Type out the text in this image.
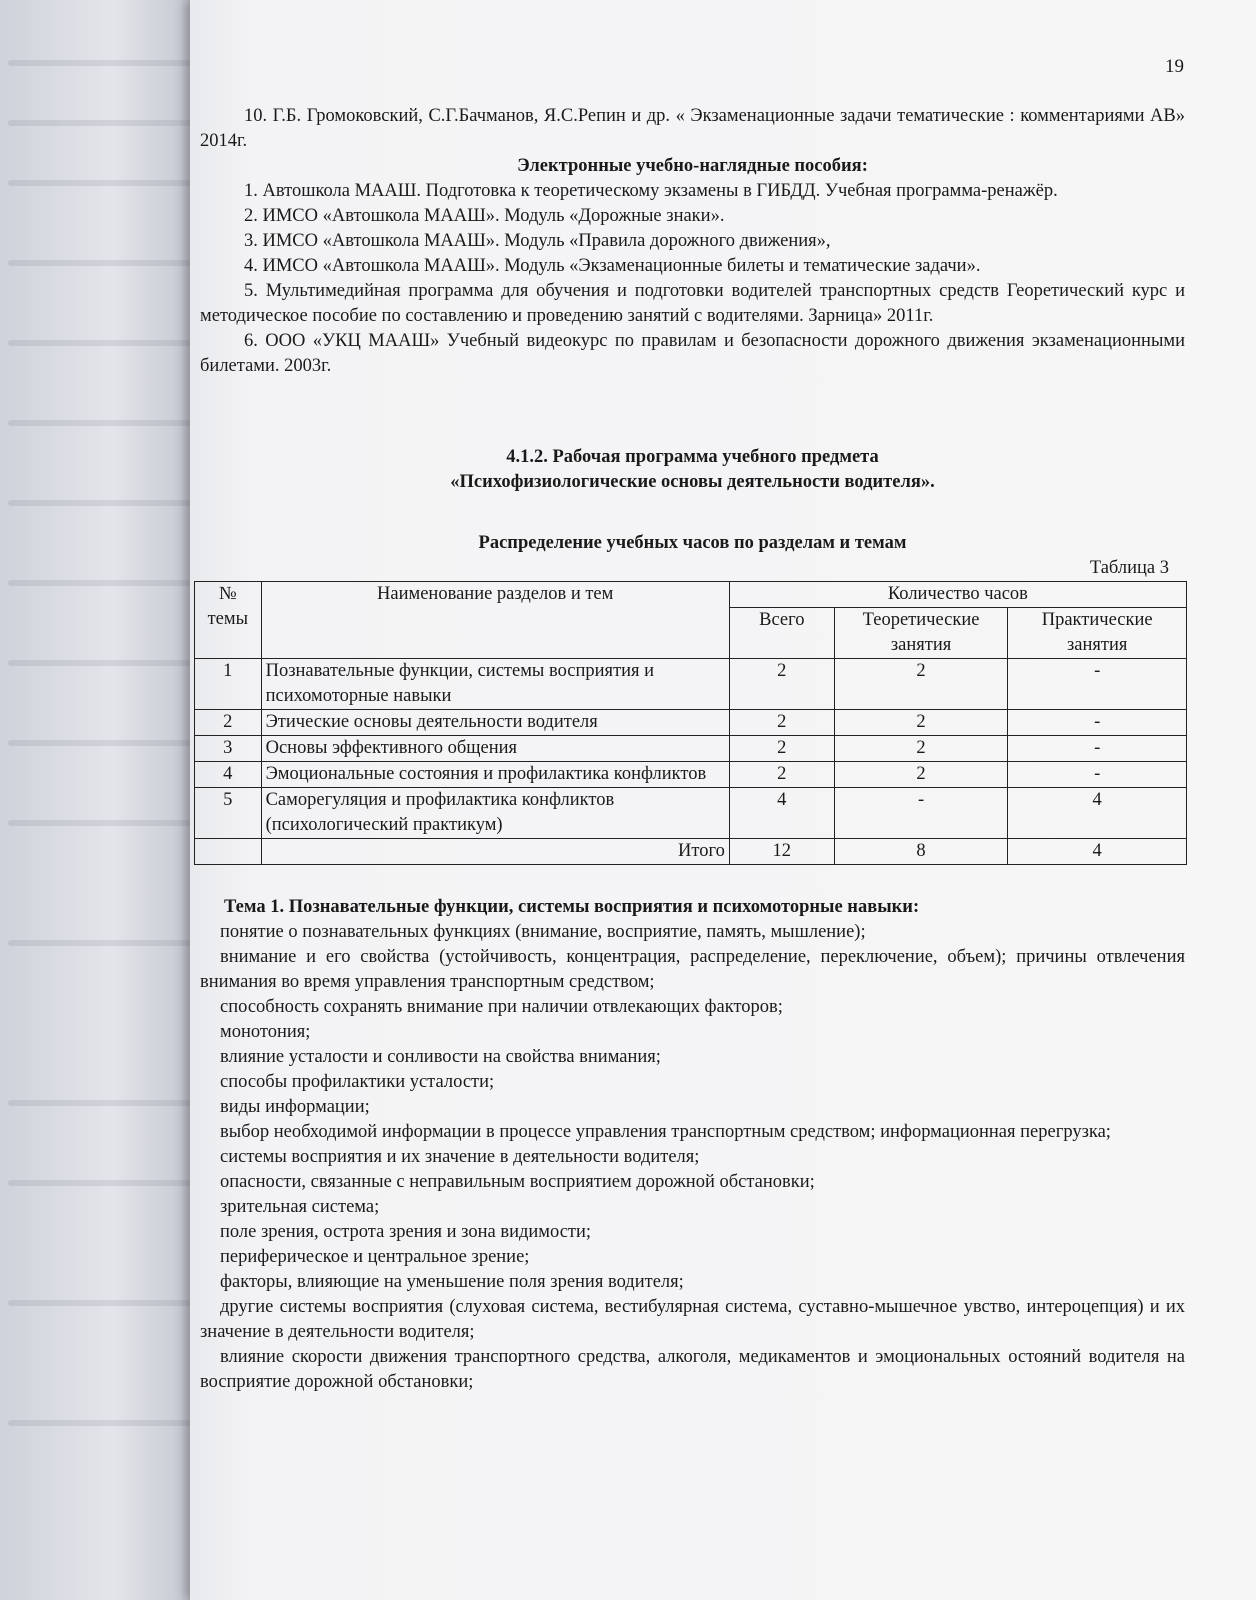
19

10. Г.Б. Громоковский, С.Г.Бачманов, Я.С.Репин и др. « Экзаменационные задачи тематические : комментариями АВ» 2014г.

Электронные учебно-наглядные пособия:

1. Автошкола МААШ. Подготовка к теоретическому экзамены в ГИБДД. Учебная программа-ренажёр.

2. ИМСО «Автошкола МААШ». Модуль «Дорожные знаки».

3. ИМСО «Автошкола МААШ». Модуль «Правила дорожного движения»,

4. ИМСО «Автошкола МААШ». Модуль «Экзаменационные билеты и тематические задачи».

5. Мультимедийная программа для обучения и подготовки водителей транспортных средств Георетический курс и методическое пособие по составлению и проведению занятий с водителями. Зарница» 2011г.

6. ООО «УКЦ МААШ» Учебный видеокурс по правилам и безопасности дорожного движения экзаменационными билетами. 2003г.

4.1.2. Рабочая программа учебного предмета

«Психофизиологические основы деятельности водителя».

Распределение учебных часов по разделам и темам

Таблица 3

№ темы	Наименование разделов и тем	Количество часов		
		Всего	Теоретические занятия	Практические занятия
1	Познавательные функции, системы восприятия и психомоторные навыки	2	2	-
2	Этические основы деятельности водителя	2	2	-
3	Основы эффективного общения	2	2	-
4	Эмоциональные состояния и профилактика конфликтов	2	2	-
5	Саморегуляция и профилактика конфликтов (психологический практикум)	4	-	4
	Итого	12	8	4

Тема 1. Познавательные функции, системы восприятия и психомоторные навыки:

понятие о познавательных функциях (внимание, восприятие, память, мышление);

внимание и его свойства (устойчивость, концентрация, распределение, переключение, объем); причины отвлечения внимания во время управления транспортным средством;

способность сохранять внимание при наличии отвлекающих факторов;

монотония;

влияние усталости и сонливости на свойства внимания;

способы профилактики усталости;

виды информации;

выбор необходимой информации в процессе управления транспортным средством; информационная перегрузка;

системы восприятия и их значение в деятельности водителя;

опасности, связанные с неправильным восприятием дорожной обстановки;

зрительная система;

поле зрения, острота зрения и зона видимости;

периферическое и центральное зрение;

факторы, влияющие на уменьшение поля зрения водителя;

другие системы восприятия (слуховая система, вестибулярная система, суставно-мышечное увство, интероцепция) и их значение в деятельности водителя;

влияние скорости движения транспортного средства, алкоголя, медикаментов и эмоциональных остояний водителя на восприятие дорожной обстановки;
